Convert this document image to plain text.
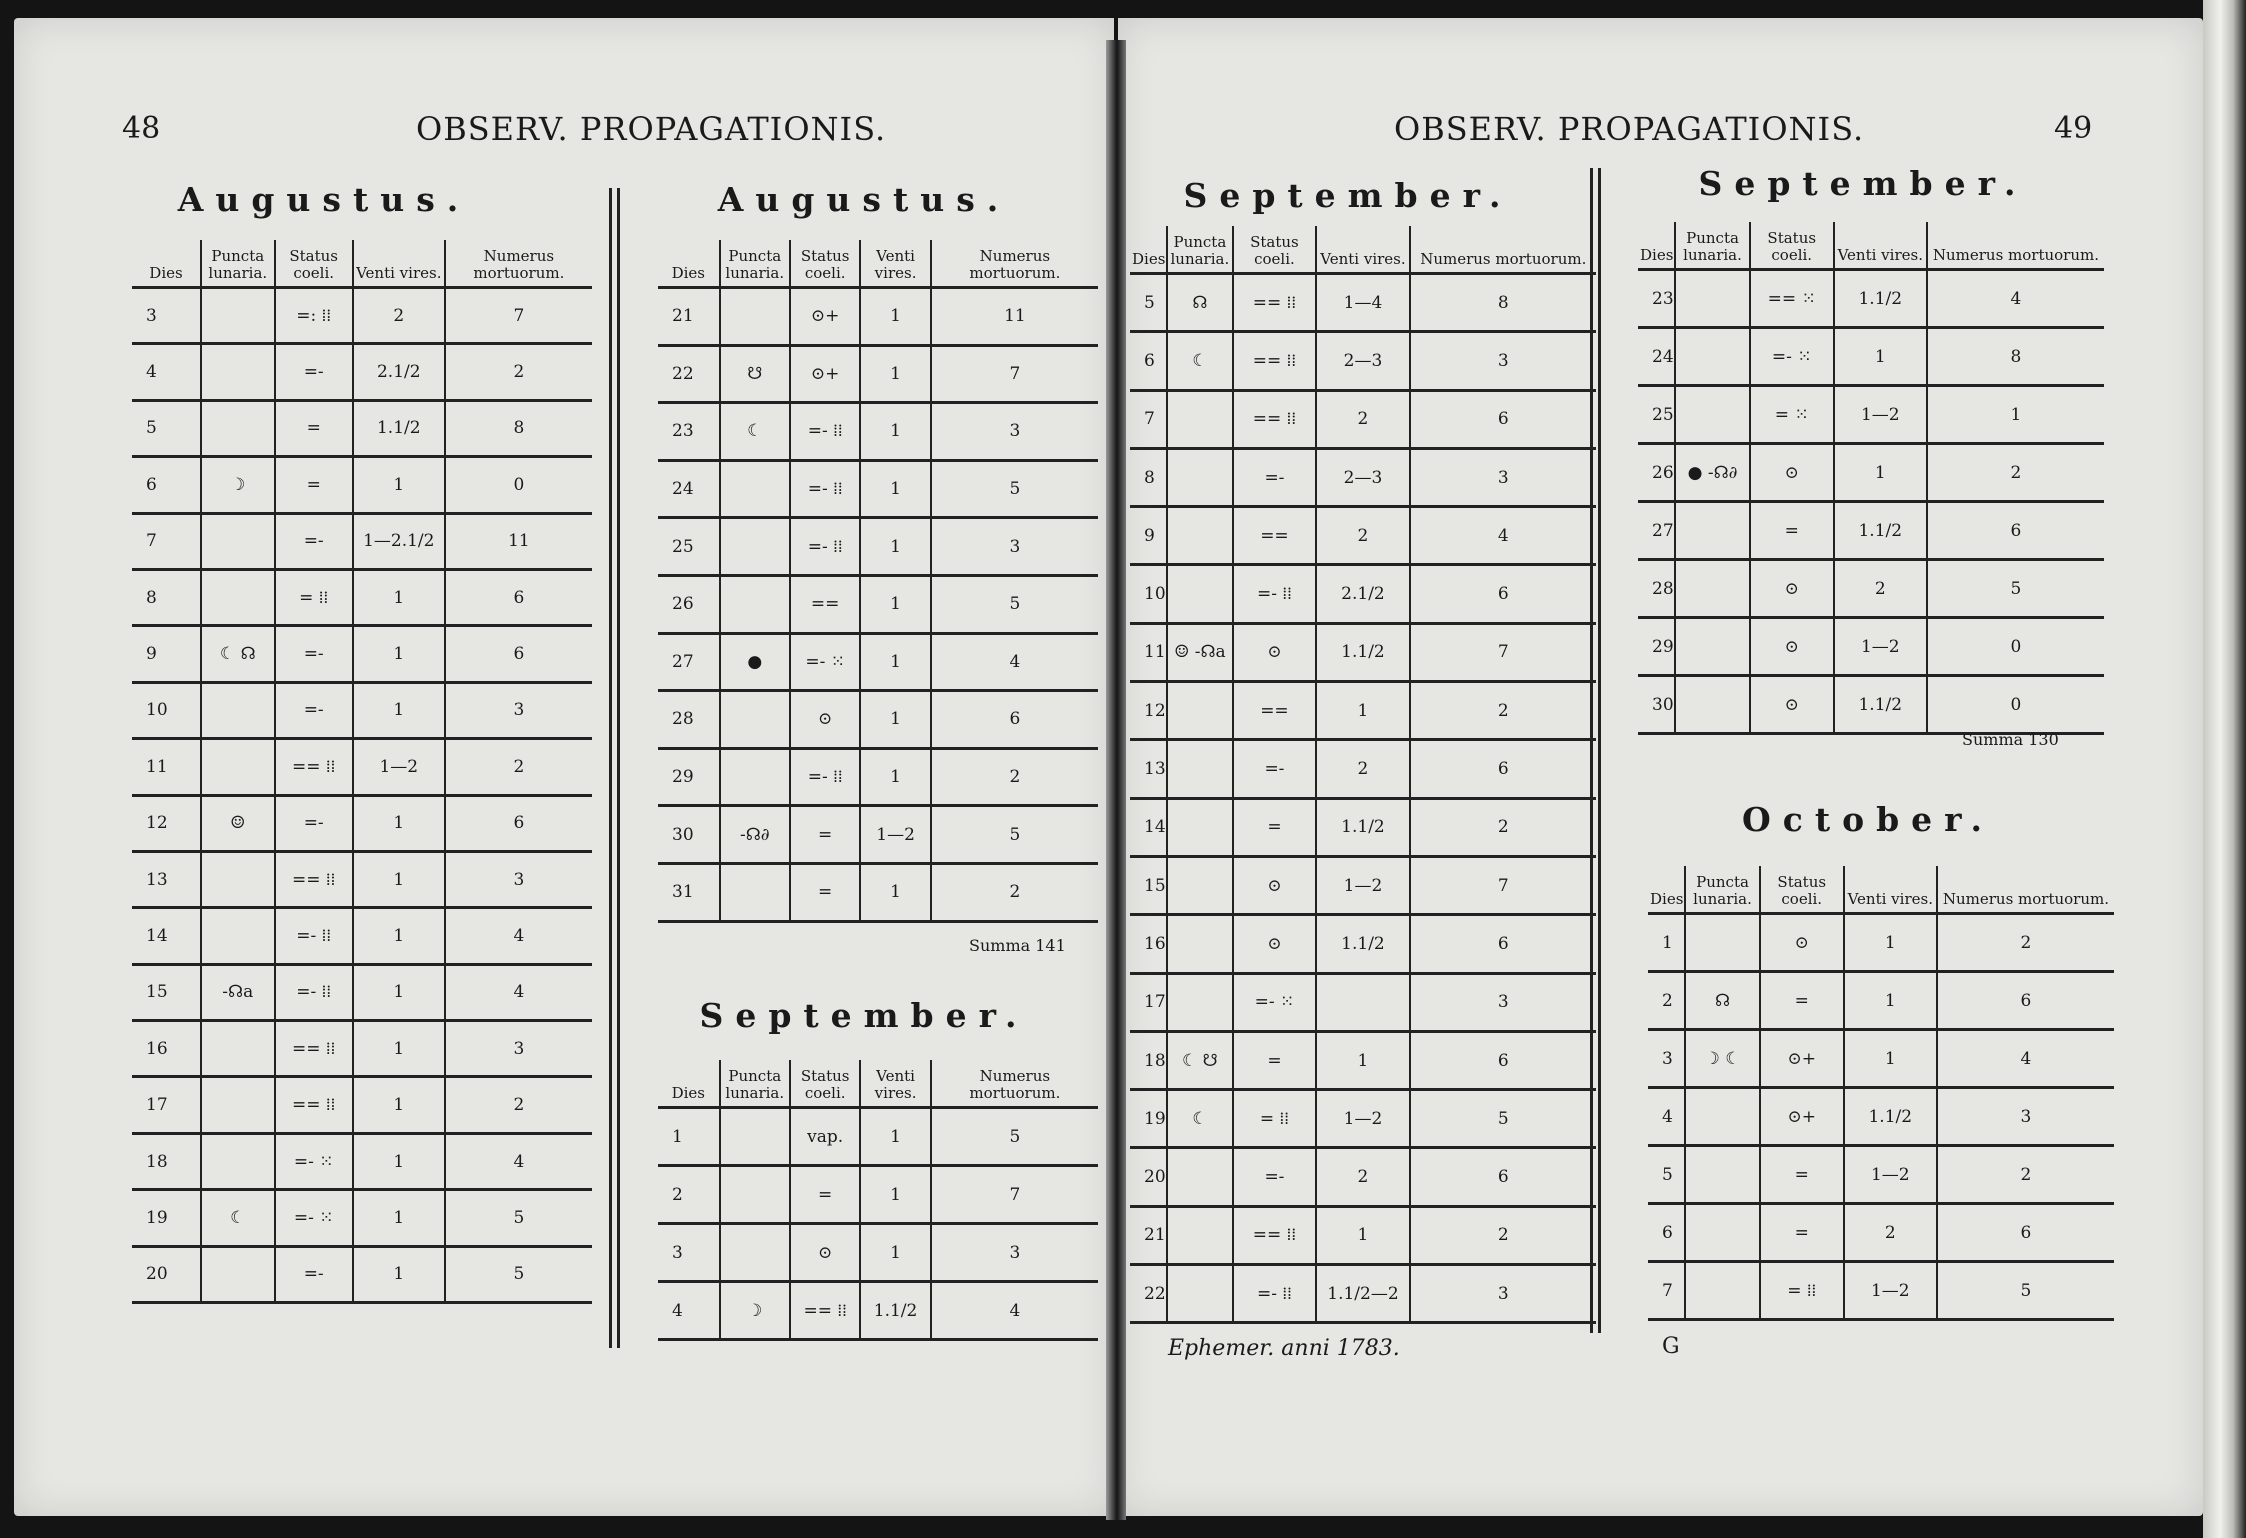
48	OBSERV. PROPAGATIONIS.
Augustus.
Dies	Puncta lunaria.	Status coeli.	Venti vires.	Numerus mortuorum.
3		=: ⁞⁞	2	7
4		=-	2.1/2	2
5		=	1.1/2	8
6	☽	=	1	0
7		=-	1—2.1/2	11
8		= ⁞⁞	1	6
9	☾ ☊	=-	1	6
10		=-	1	3
11		== ⁞⁞	1—2	2
12	☺	=-	1	6
13		== ⁞⁞	1	3
14		=- ⁞⁞	1	4
15	-☊a	=- ⁞⁞	1	4
16		== ⁞⁞	1	3
17		== ⁞⁞	1	2
18		=- ⁙	1	4
19	☾	=- ⁙	1	5
20		=-	1	5
Augustus.
Dies	Puncta lunaria.	Status coeli.	Venti vires.	Numerus mortuorum.
21		⊙+	1	11
22	☋	⊙+	1	7
23	☾	=- ⁞⁞	1	3
24		=- ⁞⁞	1	5
25		=- ⁞⁞	1	3
26		==	1	5
27	●	=- ⁙	1	4
28		⊙	1	6
29		=- ⁞⁞	1	2
30	-☊∂	=	1—2	5
31		=	1	2
Summa 141
September.
Dies	Puncta lunaria.	Status coeli.	Venti vires.	Numerus mortuorum.
1		vap.	1	5
2		=	1	7
3		⊙	1	3
4	☽	== ⁞⁞	1.1/2	4
OBSERV. PROPAGATIONIS.	49
September.
Dies	Puncta lunaria.	Status coeli.	Venti vires.	Numerus mortuorum.
5	☊	== ⁞⁞	1—4	8
6	☾	== ⁞⁞	2—3	3
7		== ⁞⁞	2	6
8		=-	2—3	3
9		==	2	4
10		=- ⁞⁞	2.1/2	6
11	☺ -☊a	⊙	1.1/2	7
12		==	1	2
13		=-	2	6
14		=	1.1/2	2
15		⊙	1—2	7
16		⊙	1.1/2	6
17		=- ⁙		3
18	☾ ☋	=	1	6
19	☾	= ⁞⁞	1—2	5
20		=-	2	6
21		== ⁞⁞	1	2
22		=- ⁞⁞	1.1/2—2	3
Ephemer. anni 1783.
September.
Dies	Puncta lunaria.	Status coeli.	Venti vires.	Numerus mortuorum.
23		== ⁙	1.1/2	4
24		=- ⁙	1	8
25		= ⁙	1—2	1
26	● -☊∂	⊙	1	2
27		=	1.1/2	6
28		⊙	2	5
29		⊙	1—2	0
30		⊙	1.1/2	0
Summa 130
October.
Dies	Puncta lunaria.	Status coeli.	Venti vires.	Numerus mortuorum.
1		⊙	1	2
2	☊	=	1	6
3	☽ ☾	⊙+	1	4
4		⊙+	1.1/2	3
5		=	1—2	2
6		=	2	6
7		= ⁞⁞	1—2	5
G
